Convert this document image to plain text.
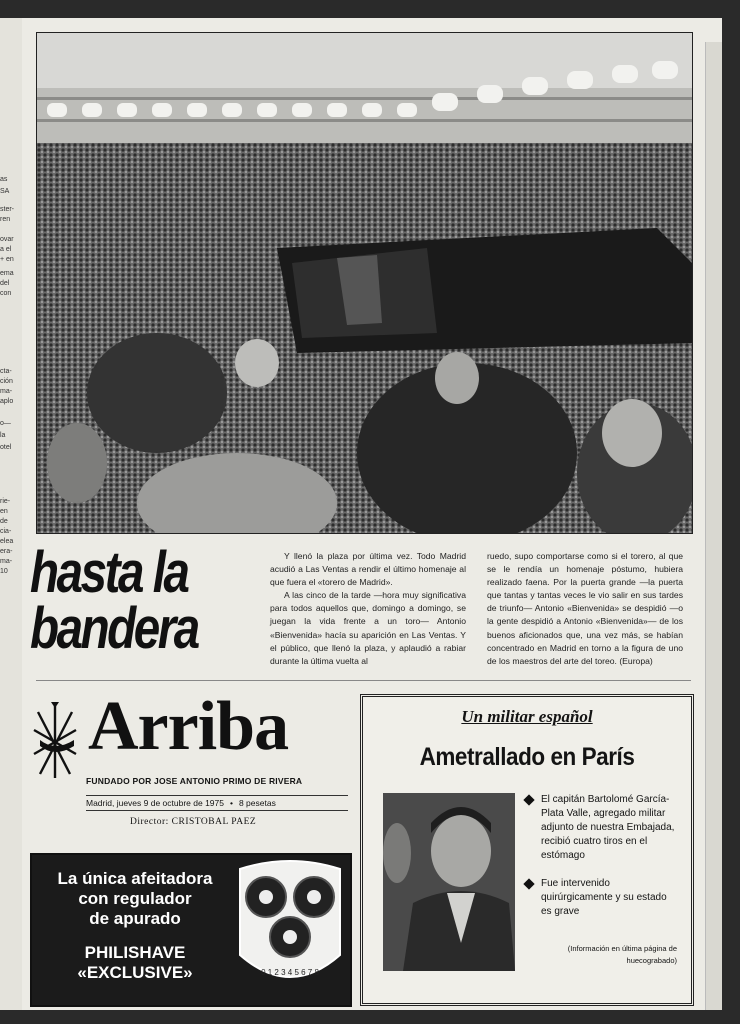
as
SA
ster-
ren
ovar
a el
+ en
ema
del
con
cta-
ción
ma-
aplo
o—
la
otel
rie-
en
de
cia-
elea
era-
ma-
10 hasta la
bandera

Y llenó la plaza por última vez. Todo Madrid acudió a Las Ventas a rendir el último homenaje al que fuera el «torero de Madrid».

A las cinco de la tarde —hora muy significativa para todos aquellos que, domingo a domingo, se juegan la vida frente a un toro— Antonio «Bienvenida» hacía su aparición en Las Ventas. Y el público, que llenó la plaza, y aplaudió a rabiar durante la última vuelta al

ruedo, supo comportarse como si el torero, al que se le rendía un homenaje póstumo, hubiera realizado faena. Por la puerta grande —la puerta que tantas y tantas veces le vio salir en sus tardes de triunfo— Antonio «Bienvenida» se despidió —o la gente despidió a Antonio «Bienvenida»— de los buenos aficionados que, una vez más, se habían concentrado en Madrid en torno a la figura de uno de los maestros del arte del toreo. (Europa)

Arriba
FUNDADO POR JOSE ANTONIO PRIMO DE RIVERA
Madrid, jueves 9 de octubre de 1975 • 8 pesetas
Director: CRISTOBAL PAEZ
La única afeitadora
con regulador
de apurado
PHILISHAVE
«EXCLUSIVE»	0 1 2 3 4 5 6 7 8
Un militar español
Ametrallado en París
El capitán Bartolomé García-Plata Valle, agregado militar adjunto de nuestra Embajada, recibió cuatro tiros en el estómago
Fue intervenido quirúrgicamente y su estado es grave
(Información en última página de huecograbado)
